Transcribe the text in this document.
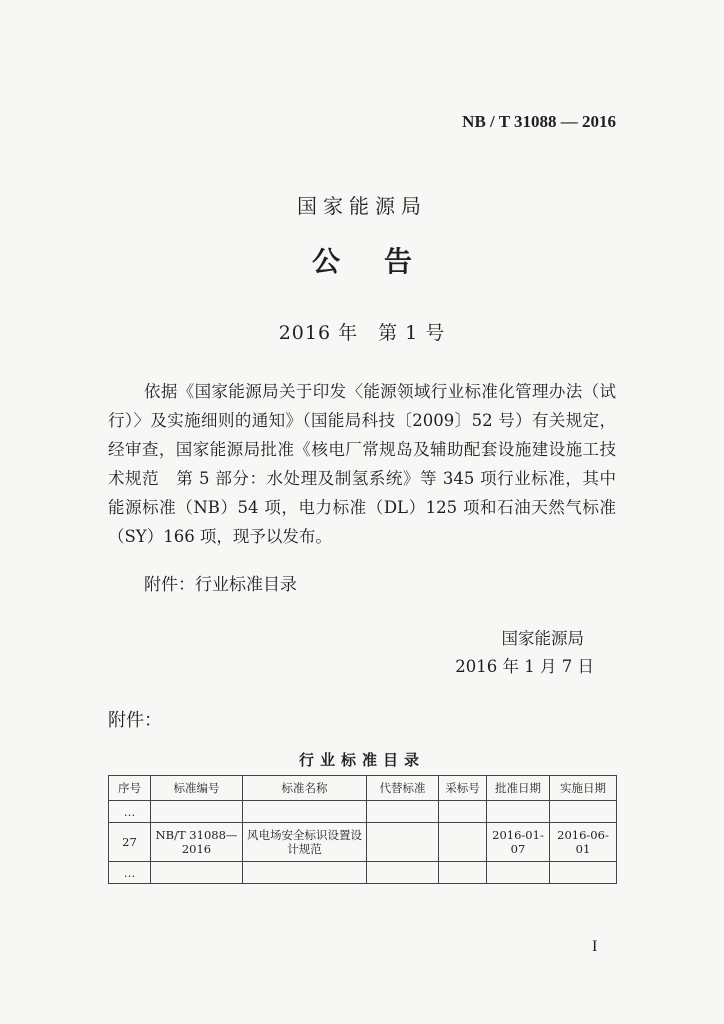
NB / T 31088 — 2016
国家能源局
公告
2016 年　第 1 号

依据《国家能源局关于印发〈能源领域行业标准化管理办法（试行）〉及实施细则的通知》（国能局科技〔2009〕52 号）有关规定，经审查，国家能源局批准《核电厂常规岛及辅助配套设施建设施工技术规范　第 5 部分：水处理及制氢系统》等 345 项行业标准，其中能源标准（NB）54 项，电力标准（DL）125 项和石油天然气标准（SY）166 项，现予以发布。

附件：行业标准目录
国家能源局
2016 年 1 月 7 日
附件：
行业标准目录
序号	标准编号	标准名称	代替标准	采标号	批准日期	实施日期
…						
27	NB/T 31088—2016	风电场安全标识设置设计规范			2016-01-07	2016-06-01
…						
I
